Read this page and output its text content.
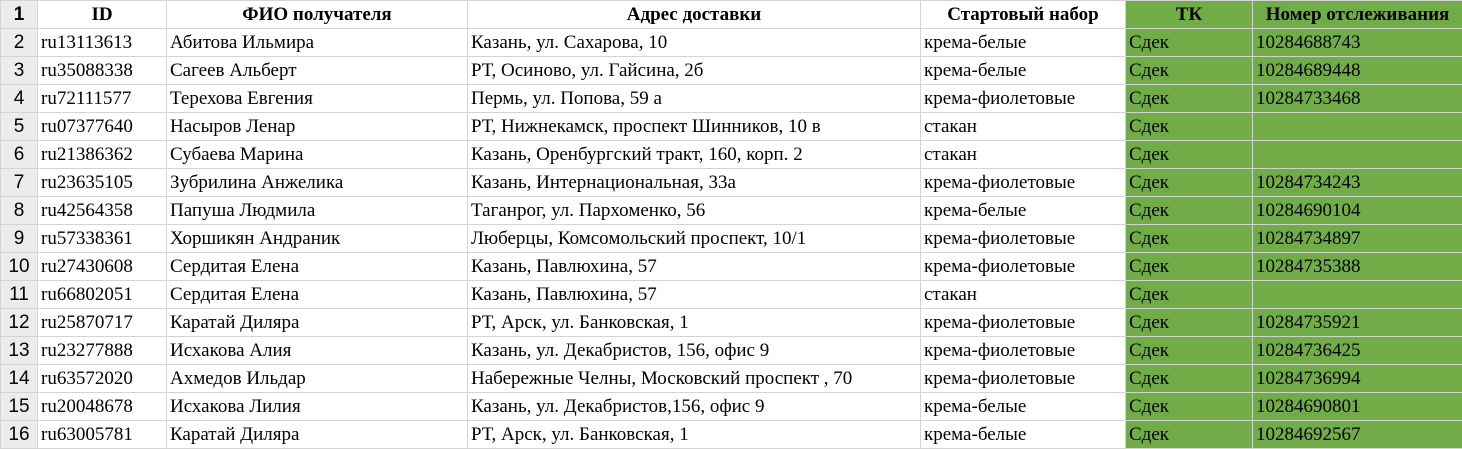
1	ID	ФИО получателя	Адрес доставки	Стартовый набор	ТК	Номер отслеживания
2	ru13113613	Абитова Ильмира	Казань, ул. Сахарова, 10	крема-белые	Сдек	10284688743
3	ru35088338	Сагеев Альберт	РТ, Осиново, ул. Гайсина, 2б	крема-белые	Сдек	10284689448
4	ru72111577	Терехова Евгения	Пермь, ул. Попова, 59 а	крема-фиолетовые	Сдек	10284733468
5	ru07377640	Насыров Ленар	РТ, Нижнекамск, проспект Шинников, 10 в	стакан	Сдек	
6	ru21386362	Субаева Марина	Казань, Оренбургский тракт, 160, корп. 2	стакан	Сдек	
7	ru23635105	Зубрилина Анжелика	Казань, Интернациональная, 33а	крема-фиолетовые	Сдек	10284734243
8	ru42564358	Папуша Людмила	Таганрог, ул. Пархоменко, 56	крема-белые	Сдек	10284690104
9	ru57338361	Хоршикян Андраник	Люберцы, Комсомольский проспект, 10/1	крема-фиолетовые	Сдек	10284734897
10	ru27430608	Сердитая Елена	Казань, Павлюхина, 57	крема-фиолетовые	Сдек	10284735388
11	ru66802051	Сердитая Елена	Казань, Павлюхина, 57	стакан	Сдек	
12	ru25870717	Каратай Диляра	РТ, Арск, ул. Банковская, 1	крема-фиолетовые	Сдек	10284735921
13	ru23277888	Исхакова Алия	Казань, ул. Декабристов, 156, офис 9	крема-фиолетовые	Сдек	10284736425
14	ru63572020	Ахмедов Ильдар	Набережные Челны, Московский проспект , 70	крема-фиолетовые	Сдек	10284736994
15	ru20048678	Исхакова Лилия	Казань, ул. Декабристов,156, офис 9	крема-белые	Сдек	10284690801
16	ru63005781	Каратай Диляра	РТ, Арск, ул. Банковская, 1	крема-белые	Сдек	10284692567
